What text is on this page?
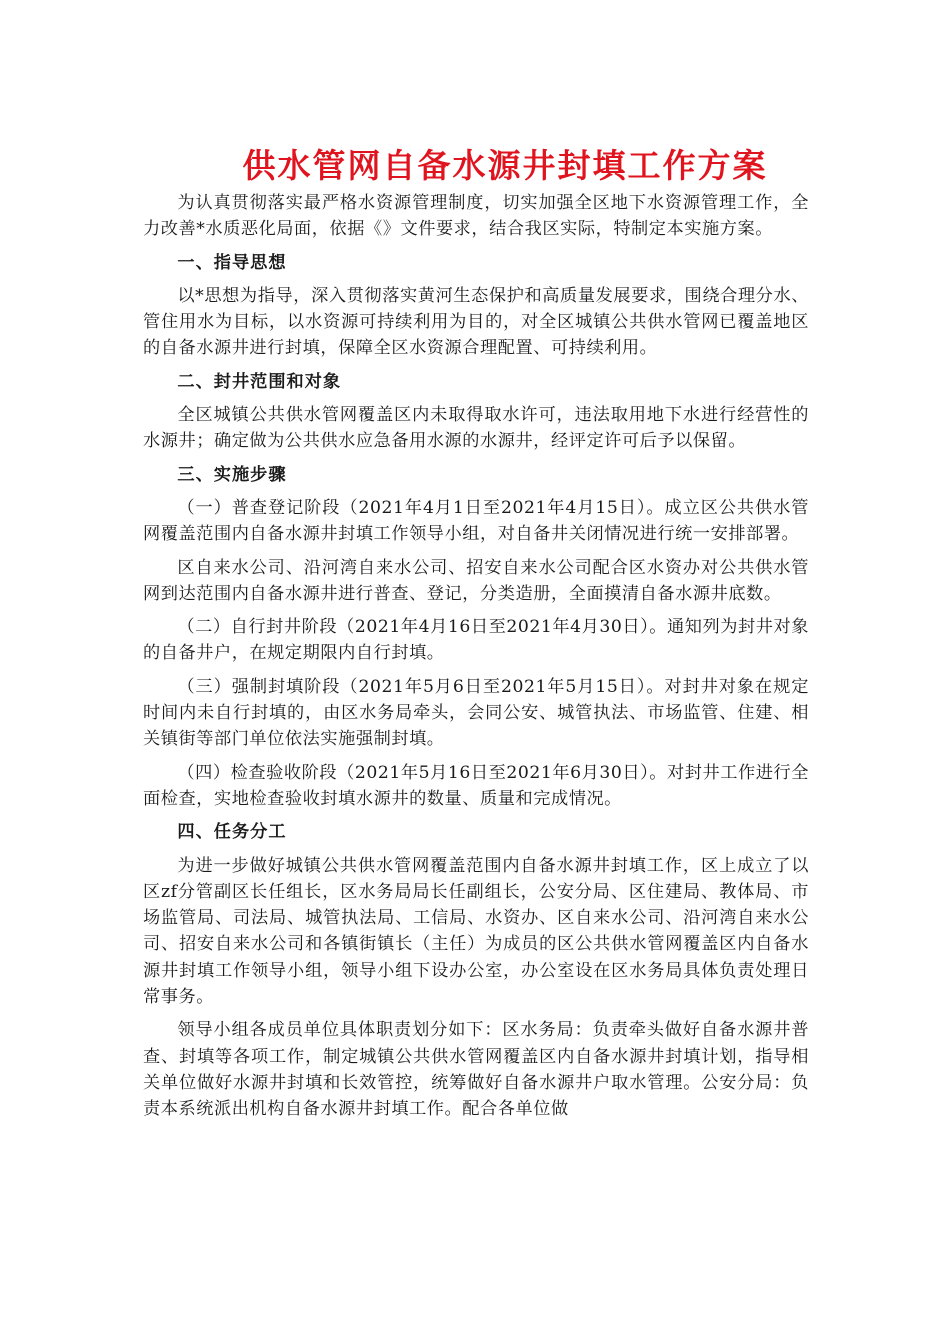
供水管网自备水源井封填工作方案

为认真贯彻落实最严格水资源管理制度，切实加强全区地下水资源管理工作，全力改善*水质恶化局面，依据《》文件要求，结合我区实际，特制定本实施方案。

一、指导思想

以*思想为指导，深入贯彻落实黄河生态保护和高质量发展要求，围绕合理分水、管住用水为目标，以水资源可持续利用为目的，对全区城镇公共供水管网已覆盖地区的自备水源井进行封填，保障全区水资源合理配置、可持续利用。

二、封井范围和对象

全区城镇公共供水管网覆盖区内未取得取水许可，违法取用地下水进行经营性的水源井；确定做为公共供水应急备用水源的水源井，经评定许可后予以保留。

三、实施步骤

（一）普查登记阶段（2021年4月1日至2021年4月15日）。成立区公共供水管网覆盖范围内自备水源井封填工作领导小组，对自备井关闭情况进行统一安排部署。

区自来水公司、沿河湾自来水公司、招安自来水公司配合区水资办对公共供水管网到达范围内自备水源井进行普查、登记，分类造册，全面摸清自备水源井底数。

（二）自行封井阶段（2021年4月16日至2021年4月30日）。通知列为封井对象的自备井户，在规定期限内自行封填。

（三）强制封填阶段（2021年5月6日至2021年5月15日）。对封井对象在规定时间内未自行封填的，由区水务局牵头，会同公安、城管执法、市场监管、住建、相关镇街等部门单位依法实施强制封填。

（四）检查验收阶段（2021年5月16日至2021年6月30日）。对封井工作进行全面检查，实地检查验收封填水源井的数量、质量和完成情况。

四、任务分工

为进一步做好城镇公共供水管网覆盖范围内自备水源井封填工作，区上成立了以区zf分管副区长任组长，区水务局局长任副组长，公安分局、区住建局、教体局、市场监管局、司法局、城管执法局、工信局、水资办、区自来水公司、沿河湾自来水公司、招安自来水公司和各镇街镇长（主任）为成员的区公共供水管网覆盖区内自备水源井封填工作领导小组，领导小组下设办公室，办公室设在区水务局具体负责处理日常事务。

领导小组各成员单位具体职责划分如下：区水务局：负责牵头做好自备水源井普查、封填等各项工作，制定城镇公共供水管网覆盖区内自备水源井封填计划，指导相关单位做好水源井封填和长效管控，统筹做好自备水源井户取水管理。公安分局：负责本系统派出机构自备水源井封填工作。配合各单位做
